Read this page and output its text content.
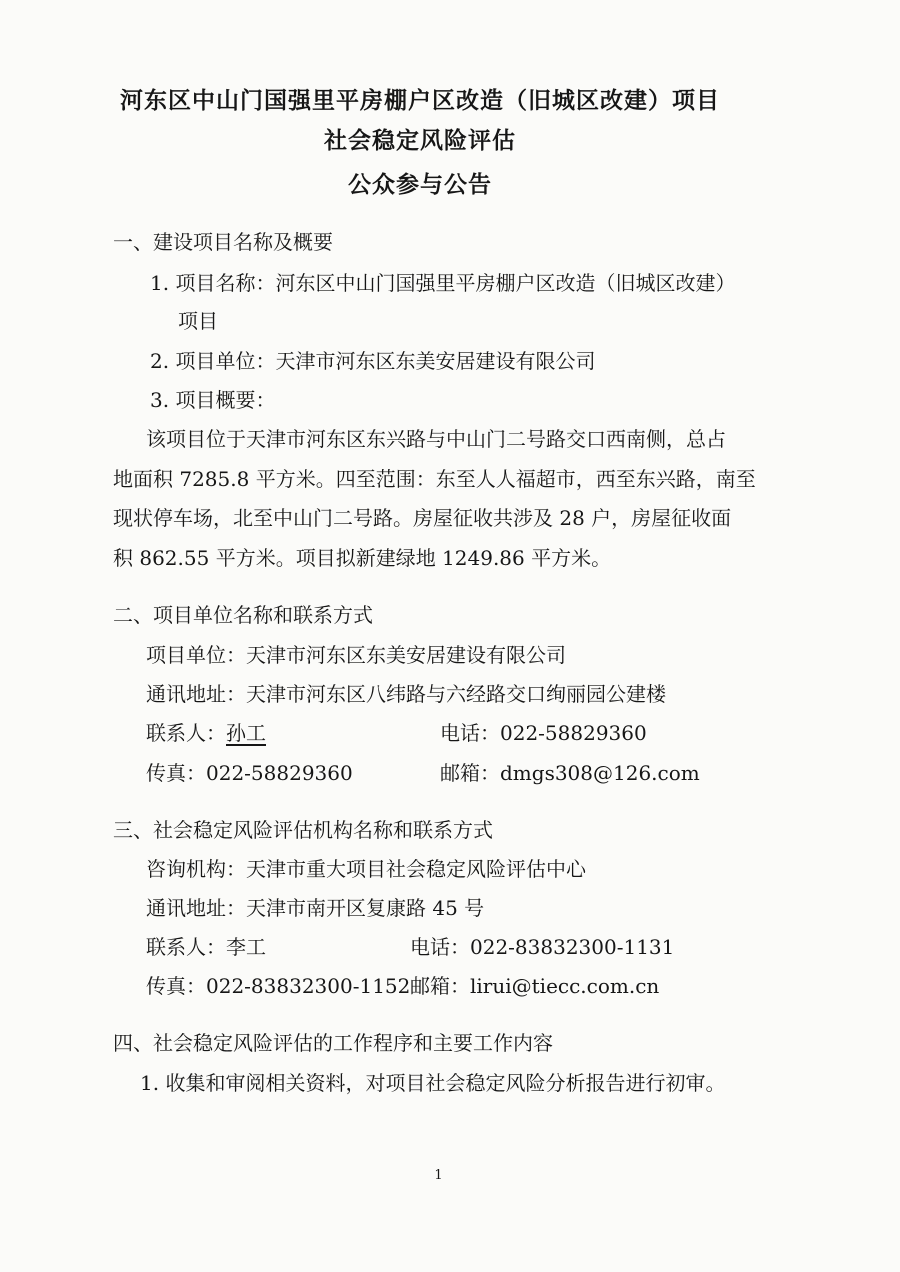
河东区中山门国强里平房棚户区改造（旧城区改建）项目
社会稳定风险评估
公众参与公告
一、建设项目名称及概要
1. 项目名称：河东区中山门国强里平房棚户区改造（旧城区改建）
项目
2. 项目单位：天津市河东区东美安居建设有限公司
3. 项目概要：
该项目位于天津市河东区东兴路与中山门二号路交口西南侧，总占
地面积 7285.8 平方米。四至范围：东至人人福超市，西至东兴路，南至
现状停车场，北至中山门二号路。房屋征收共涉及 28 户，房屋征收面
积 862.55 平方米。项目拟新建绿地 1249.86 平方米。
二、项目单位名称和联系方式
项目单位：天津市河东区东美安居建设有限公司
通讯地址：天津市河东区八纬路与六经路交口绚丽园公建楼
联系人：孙工	电话：022-58829360
传真：022-58829360	邮箱：dmgs308@126.com
三、社会稳定风险评估机构名称和联系方式
咨询机构：天津市重大项目社会稳定风险评估中心
通讯地址：天津市南开区复康路 45 号
联系人：李工	电话：022-83832300-1131
传真：022-83832300-1152 邮箱：lirui@tiecc.com.cn
四、社会稳定风险评估的工作程序和主要工作内容
1. 收集和审阅相关资料，对项目社会稳定风险分析报告进行初审。
1
